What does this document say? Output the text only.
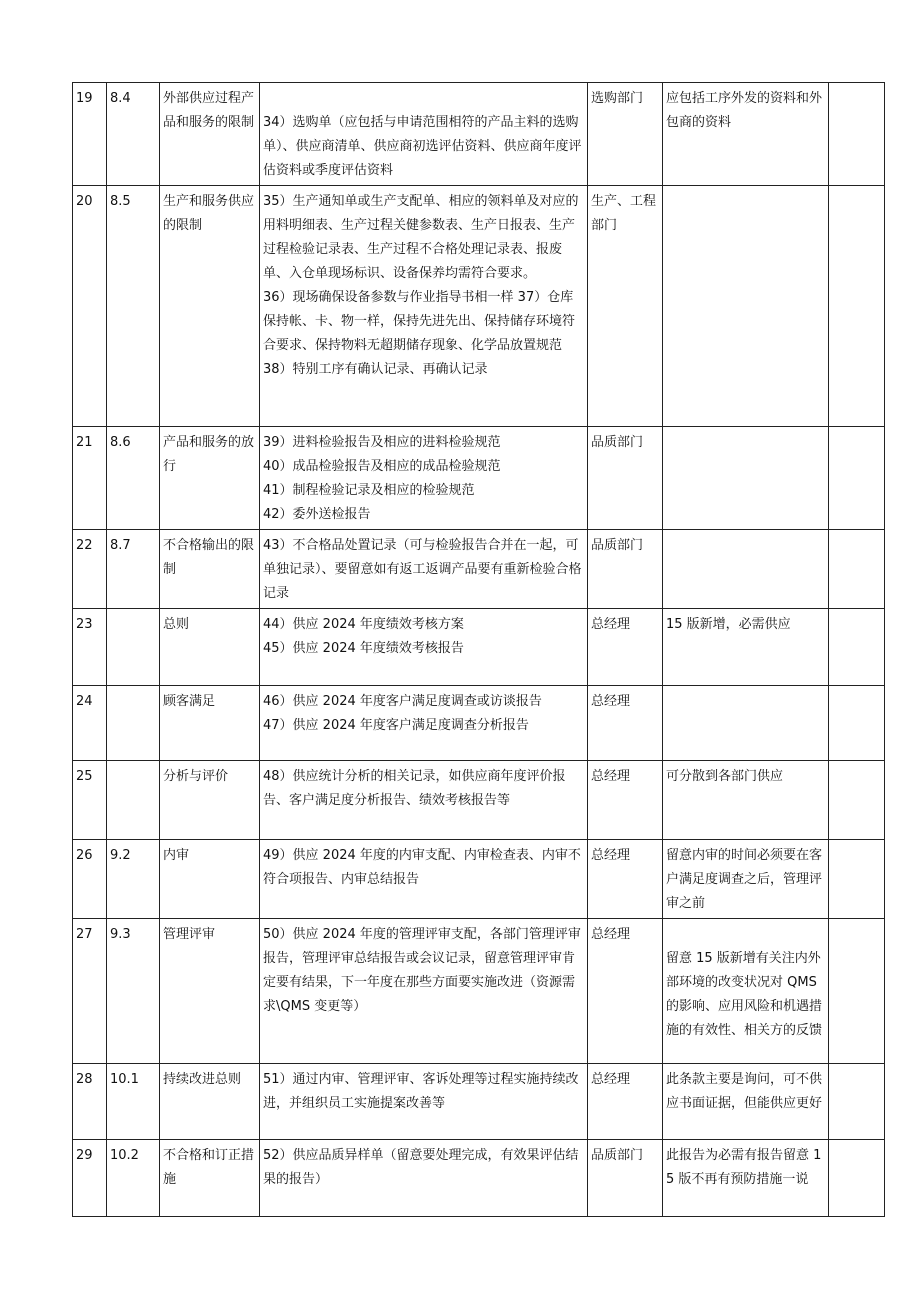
19	8.4	外部供应过程产品和服务的限制	34）选购单（应包括与申请范围相符的产品主料的选购单）、供应商清单、供应商初选评估资料、供应商年度评估资料或季度评估资料	选购部门	应包括工序外发的资料和外包商的资料	
20	8.5	生产和服务供应的限制	35）生产通知单或生产支配单、相应的领料单及对应的用料明细表、生产过程关健参数表、生产日报表、生产过程检验记录表、生产过程不合格处理记录表、报废单、入仓单现场标识、设备保养均需符合要求。
36）现场确保设备参数与作业指导书相一样 37）仓库保持帐、卡、物一样，保持先进先出、保持储存环境符合要求、保持物料无超期储存现象、化学品放置规范
38）特别工序有确认记录、再确认记录	生产、工程部门		
21	8.6	产品和服务的放行	39）进料检验报告及相应的进料检验规范
40）成品检验报告及相应的成品检验规范
41）制程检验记录及相应的检验规范
42）委外送检报告	品质部门		
22	8.7	不合格输出的限制	43）不合格品处置记录（可与检验报告合并在一起，可单独记录）、要留意如有返工返调产品要有重新检验合格记录	品质部门		
23		总则	44）供应 2024 年度绩效考核方案
45）供应 2024 年度绩效考核报告	总经理	15 版新增，必需供应	
24		顾客满足	46）供应 2024 年度客户满足度调查或访谈报告
47）供应 2024 年度客户满足度调查分析报告	总经理		
25		分析与评价	48）供应统计分析的相关记录，如供应商年度评价报告、客户满足度分析报告、绩效考核报告等	总经理	可分散到各部门供应	
26	9.2	内审	49）供应 2024 年度的内审支配、内审检查表、内审不符合项报告、内审总结报告	总经理	留意内审的时间必须要在客户满足度调查之后，管理评审之前	
27	9.3	管理评审	50）供应 2024 年度的管理评审支配，各部门管理评审报告，管理评审总结报告或会议记录，留意管理评审肯定要有结果，下一年度在那些方面要实施改进（资源需求\QMS 变更等）	总经理	留意 15 版新增有关注内外部环境的改变状况对 QMS 的影响、应用风险和机遇措施的有效性、相关方的反馈	
28	10.1	持续改进总则	51）通过内审、管理评审、客诉处理等过程实施持续改进，并组织员工实施提案改善等	总经理	此条款主要是询问，可不供应书面证据，但能供应更好	
29	10.2	不合格和订正措施	52）供应品质异样单（留意要处理完成，有效果评估结果的报告）	品质部门	此报告为必需有报告留意 15 版不再有预防措施一说	
